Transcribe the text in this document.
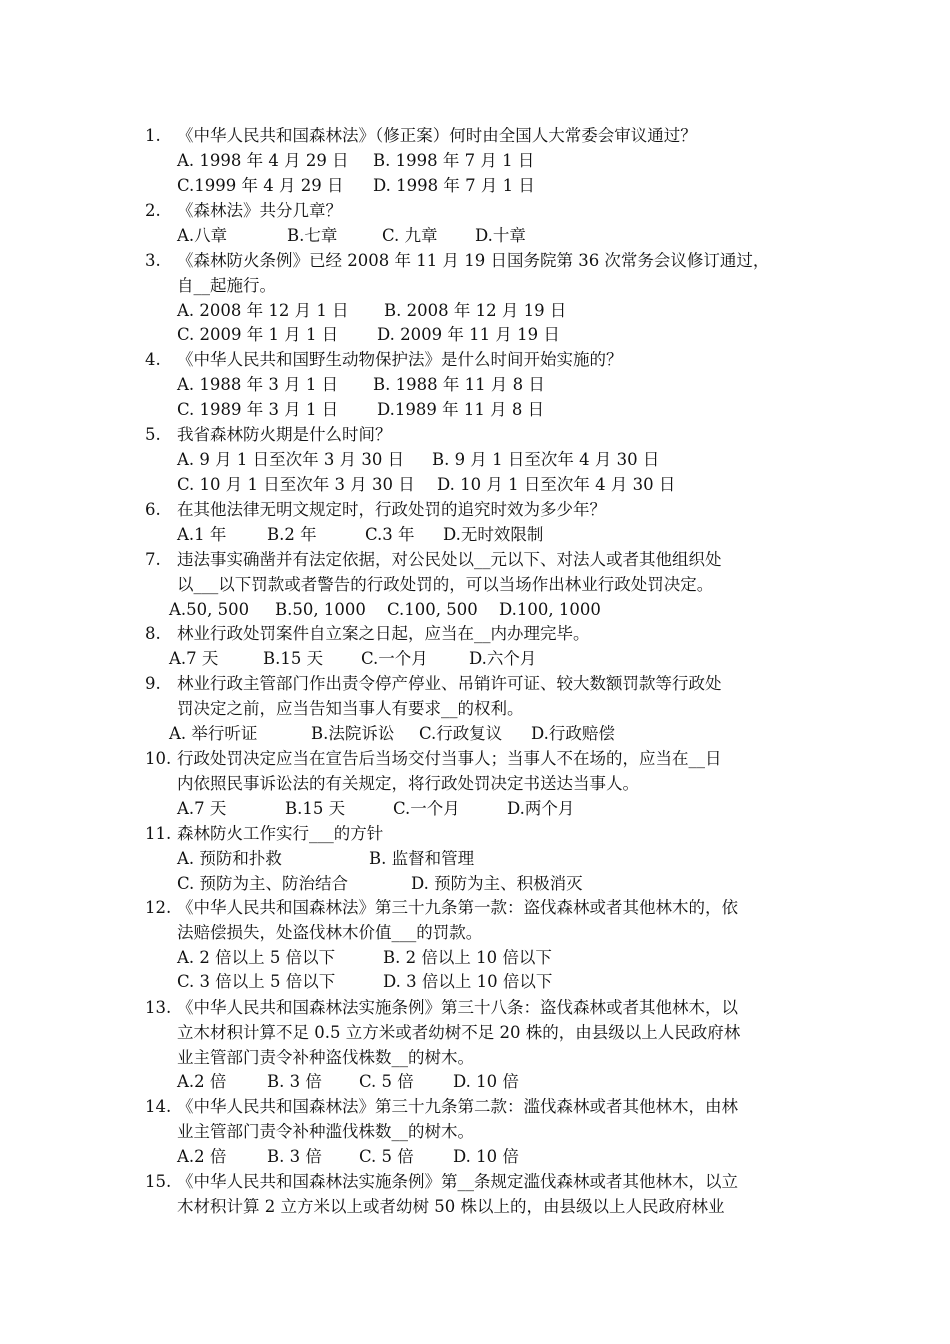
1. 《中华人民共和国森林法》（修正案）何时由全国人大常委会审议通过？
A. 1998 年 4 月 29 日 B. 1998 年 7 月 1 日
C.1999 年 4 月 29 日 D. 1998 年 7 月 1 日
2. 《森林法》共分几章？
A.八章	B.七章	C. 九章 D.十章
3. 《森林防火条例》已经 2008 年 11 月 19 日国务院第 36 次常务会议修订通过，
自__起施行。
A. 2008 年 12 月 1 日 B. 2008 年 12 月 19 日
C. 2009 年 1 月 1 日 D. 2009 年 11 月 19 日
4. 《中华人民共和国野生动物保护法》是什么时间开始实施的？
A. 1988 年 3 月 1 日 B. 1988 年 11 月 8 日
C. 1989 年 3 月 1 日 D.1989 年 11 月 8 日
5. 我省森林防火期是什么时间？
A. 9 月 1 日至次年 3 月 30 日 B. 9 月 1 日至次年 4 月 30 日
C. 10 月 1 日至次年 3 月 30 日 D. 10 月 1 日至次年 4 月 30 日
6. 在其他法律无明文规定时，行政处罚的追究时效为多少年？
A.1 年 B.2 年	C.3 年 D.无时效限制
7. 违法事实确凿并有法定依据，对公民处以__元以下、对法人或者其他组织处
以___以下罚款或者警告的行政处罚的，可以当场作出林业行政处罚决定。
A.50, 500 B.50, 1000 C.100, 500 D.100, 1000
8. 林业行政处罚案件自立案之日起，应当在__内办理完毕。
A.7 天	B.15 天 C.一个月 D.六个月
9. 林业行政主管部门作出责令停产停业、吊销许可证、较大数额罚款等行政处
罚决定之前，应当告知当事人有要求__的权利。
A. 举行听证	B.法院诉讼 C.行政复议 D.行政赔偿
10. 行政处罚决定应当在宣告后当场交付当事人；当事人不在场的，应当在__日
内依照民事诉讼法的有关规定，将行政处罚决定书送达当事人。
A.7 天	B.15 天	C.一个月	D.两个月
11. 森林防火工作实行___的方针
A. 预防和扑救	B. 监督和管理
C. 预防为主、防治结合	D. 预防为主、积极消灭
12. 《中华人民共和国森林法》第三十九条第一款：盗伐森林或者其他林木的，依
法赔偿损失，处盗伐林木价值___的罚款。
A. 2 倍以上 5 倍以下	B. 2 倍以上 10 倍以下
C. 3 倍以上 5 倍以下	D. 3 倍以上 10 倍以下
13. 《中华人民共和国森林法实施条例》第三十八条：盗伐森林或者其他林木，以
立木材积计算不足 0.5 立方米或者幼树不足 20 株的，由县级以上人民政府林
业主管部门责令补种盗伐株数__的树木。
A.2 倍 B. 3 倍 C. 5 倍 D. 10 倍
14. 《中华人民共和国森林法》第三十九条第二款：滥伐森林或者其他林木，由林
业主管部门责令补种滥伐株数__的树木。
A.2 倍 B. 3 倍 C. 5 倍 D. 10 倍
15. 《中华人民共和国森林法实施条例》第__条规定滥伐森林或者其他林木，以立
木材积计算 2 立方米以上或者幼树 50 株以上的，由县级以上人民政府林业
